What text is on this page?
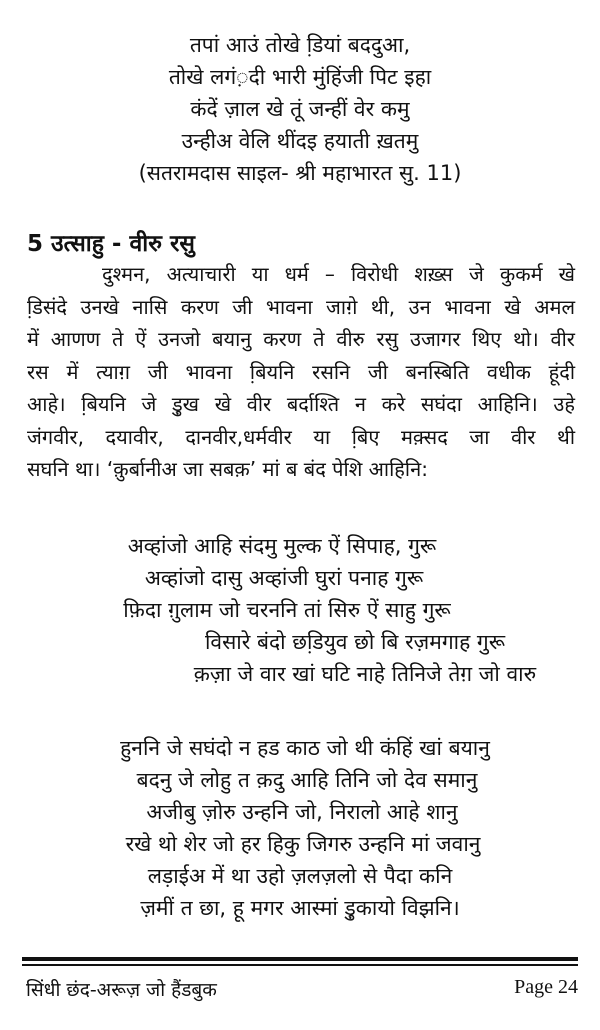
तपां आउं तोखे डि़यां बददुआ,
तोखे लगं़दी भारी मुंहिंजी पिट इहा
कंदें ज़ाल खे तूं जन्हीं वेर कमु
उन्हीअ वेलि थींदइ हयाती ख़तमु
(सतरामदास साइल- श्री महाभारत सु. 11)
5 उत्साहु - वीरु रसु
दुश्मन, अत्याचारी या धर्म – विरोधी शख़्स जे कुकर्म खे
डि़संदे उनखे नासि करण जी भावना जागे़ थी, उन भावना खे अमल
में आणण ते ऐं उनजो बयानु करण ते वीरु रसु उजागर थिए थो। वीर
रस में त्याग़ जी भावना बि़यनि रसनि जी बनस्बिति वधीक हूंदी
आहे। बि़यनि जे डु़ख खे वीर बर्दाश्ति न करे सघंदा आहिनि। उहे
जंगवीर, दयावीर, दानवीर,धर्मवीर या बि़ए मक़्सद जा वीर थी
सघनि था। ‘क़ुर्बानीअ जा सबक़’ मां ब बंद पेशि आहिनि:
अव्हांजो आहि संदमु मुल्क ऐं सिपाह, गुरू
अव्हांजो दासु अव्हांजी घुरां पनाह गुरू
फ़िदा ग़ुलाम जो चरननि तां सिरु ऐं साहु गुरू
विसारे बंदो छडि़युव छो बि रज़मगाह गुरू
क़ज़ा जे वार खां घटि नाहे तिनिजे तेग़ जो वारु
हुननि जे सघंदो न हड काठ जो थी कंहिं खां बयानु
बदनु जे लोहु त क़दु आहि तिनि जो देव समानु
अजीबु ज़ोरु उन्हनि जो, निरालो आहे शानु
रखे थो शेर जो हर हिकु जिगरु उन्हनि मां जवानु
लड़ाईअ में था उहो ज़लज़लो से पैदा कनि
ज़मीं त छा, हू मगर आस्मां डु़कायो विझनि।
सिंधी छंद-अरूज़ जो हैंडबुक	Page 24
